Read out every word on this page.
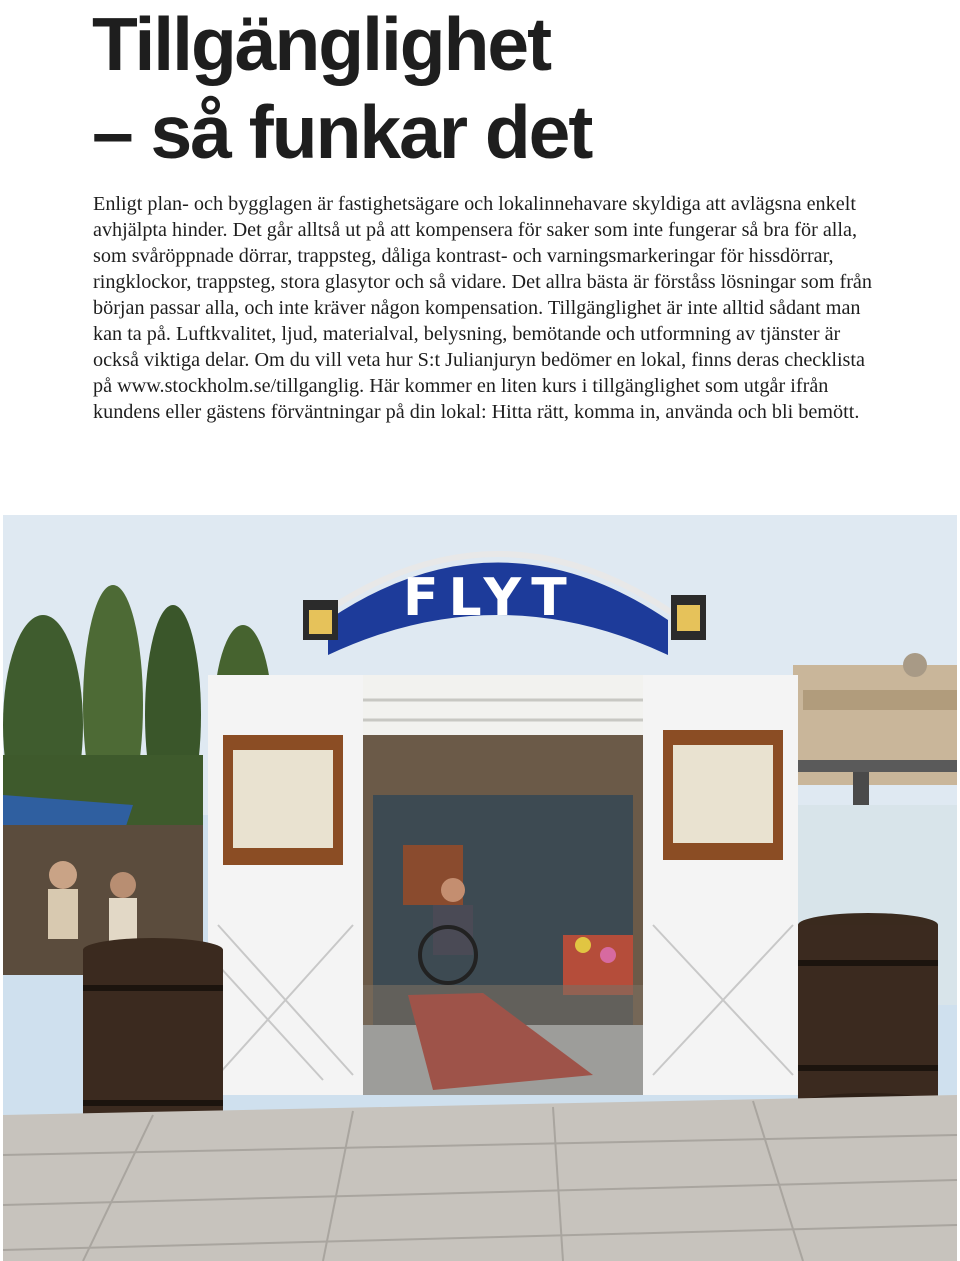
Tillgänglighet
– så funkar det

Enligt plan- och bygglagen är fastighetsägare och lokalinnehavare skyldiga att avlägsna enkelt avhjälpta hinder. Det går alltså ut på att kompensera för saker som inte fungerar så bra för alla, som svåröppnade dörrar, trappsteg, dåliga kontrast- och varningsmarkeringar för hissdörrar, ringklockor, trappsteg, stora glasytor och så vidare. Det allra bästa är förståss lösningar som från början passar alla, och inte kräver någon kompensation. Tillgänglighet är inte alltid sådant man kan ta på. Luftkvalitet, ljud, materialval, belysning, bemötande och utformning av tjänster är också viktiga delar. Om du vill veta hur S:t Julianjuryn bedömer en lokal, finns deras checklista på www.stockholm.se/tillganglig. Här kommer en liten kurs i tillgänglighet som utgår ifrån kundens eller gästens förväntningar på din lokal: Hitta rätt, komma in, använda och bli bemött.

FLYT
